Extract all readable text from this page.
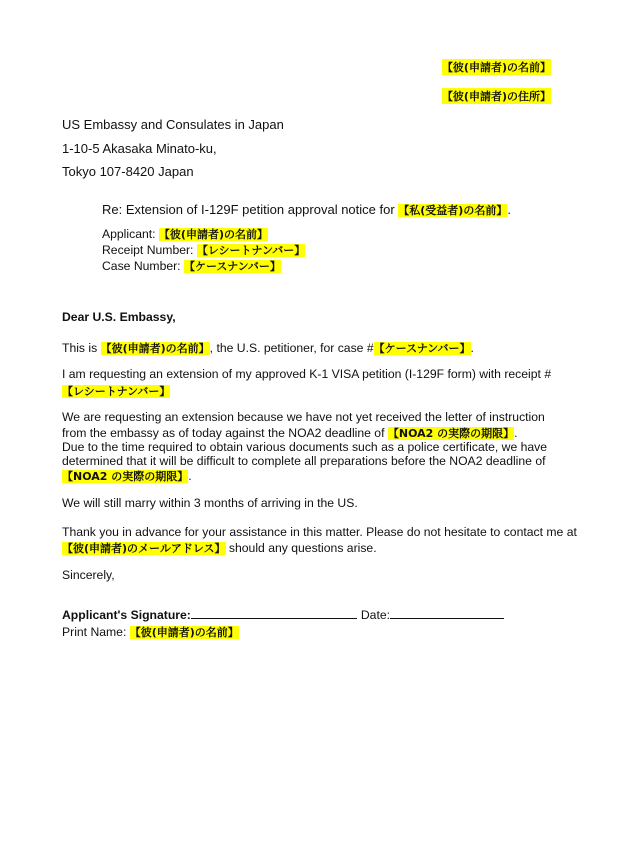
【彼(申請者)の名前】
【彼(申請者)の住所】
US Embassy and Consulates in Japan
1-10-5 Akasaka Minato-ku,
Tokyo 107-8420 Japan
Re: Extension of I-129F petition approval notice for 【私(受益者)の名前】.
Applicant: 【彼(申請者)の名前】
Receipt Number: 【レシートナンバー】
Case Number: 【ケースナンバー】
Dear U.S. Embassy,
This is 【彼(申請者)の名前】, the U.S. petitioner, for case #【ケースナンバー】.
I am requesting an extension of my approved K-1 VISA petition (I-129F form) with receipt #
【レシートナンバー】
We are requesting an extension because we have not yet received the letter of instruction
from the embassy as of today against the NOA2 deadline of 【NOA2 の実際の期限】.
Due to the time required to obtain various documents such as a police certificate, we have
determined that it will be difficult to complete all preparations before the NOA2 deadline of
【NOA2 の実際の期限】.
We will still marry within 3 months of arriving in the US.
Thank you in advance for your assistance in this matter. Please do not hesitate to contact me at
【彼(申請者)のメールアドレス】 should any questions arise.
Sincerely,
Applicant's Signature:	Date:
Print Name: 【彼(申請者)の名前】
